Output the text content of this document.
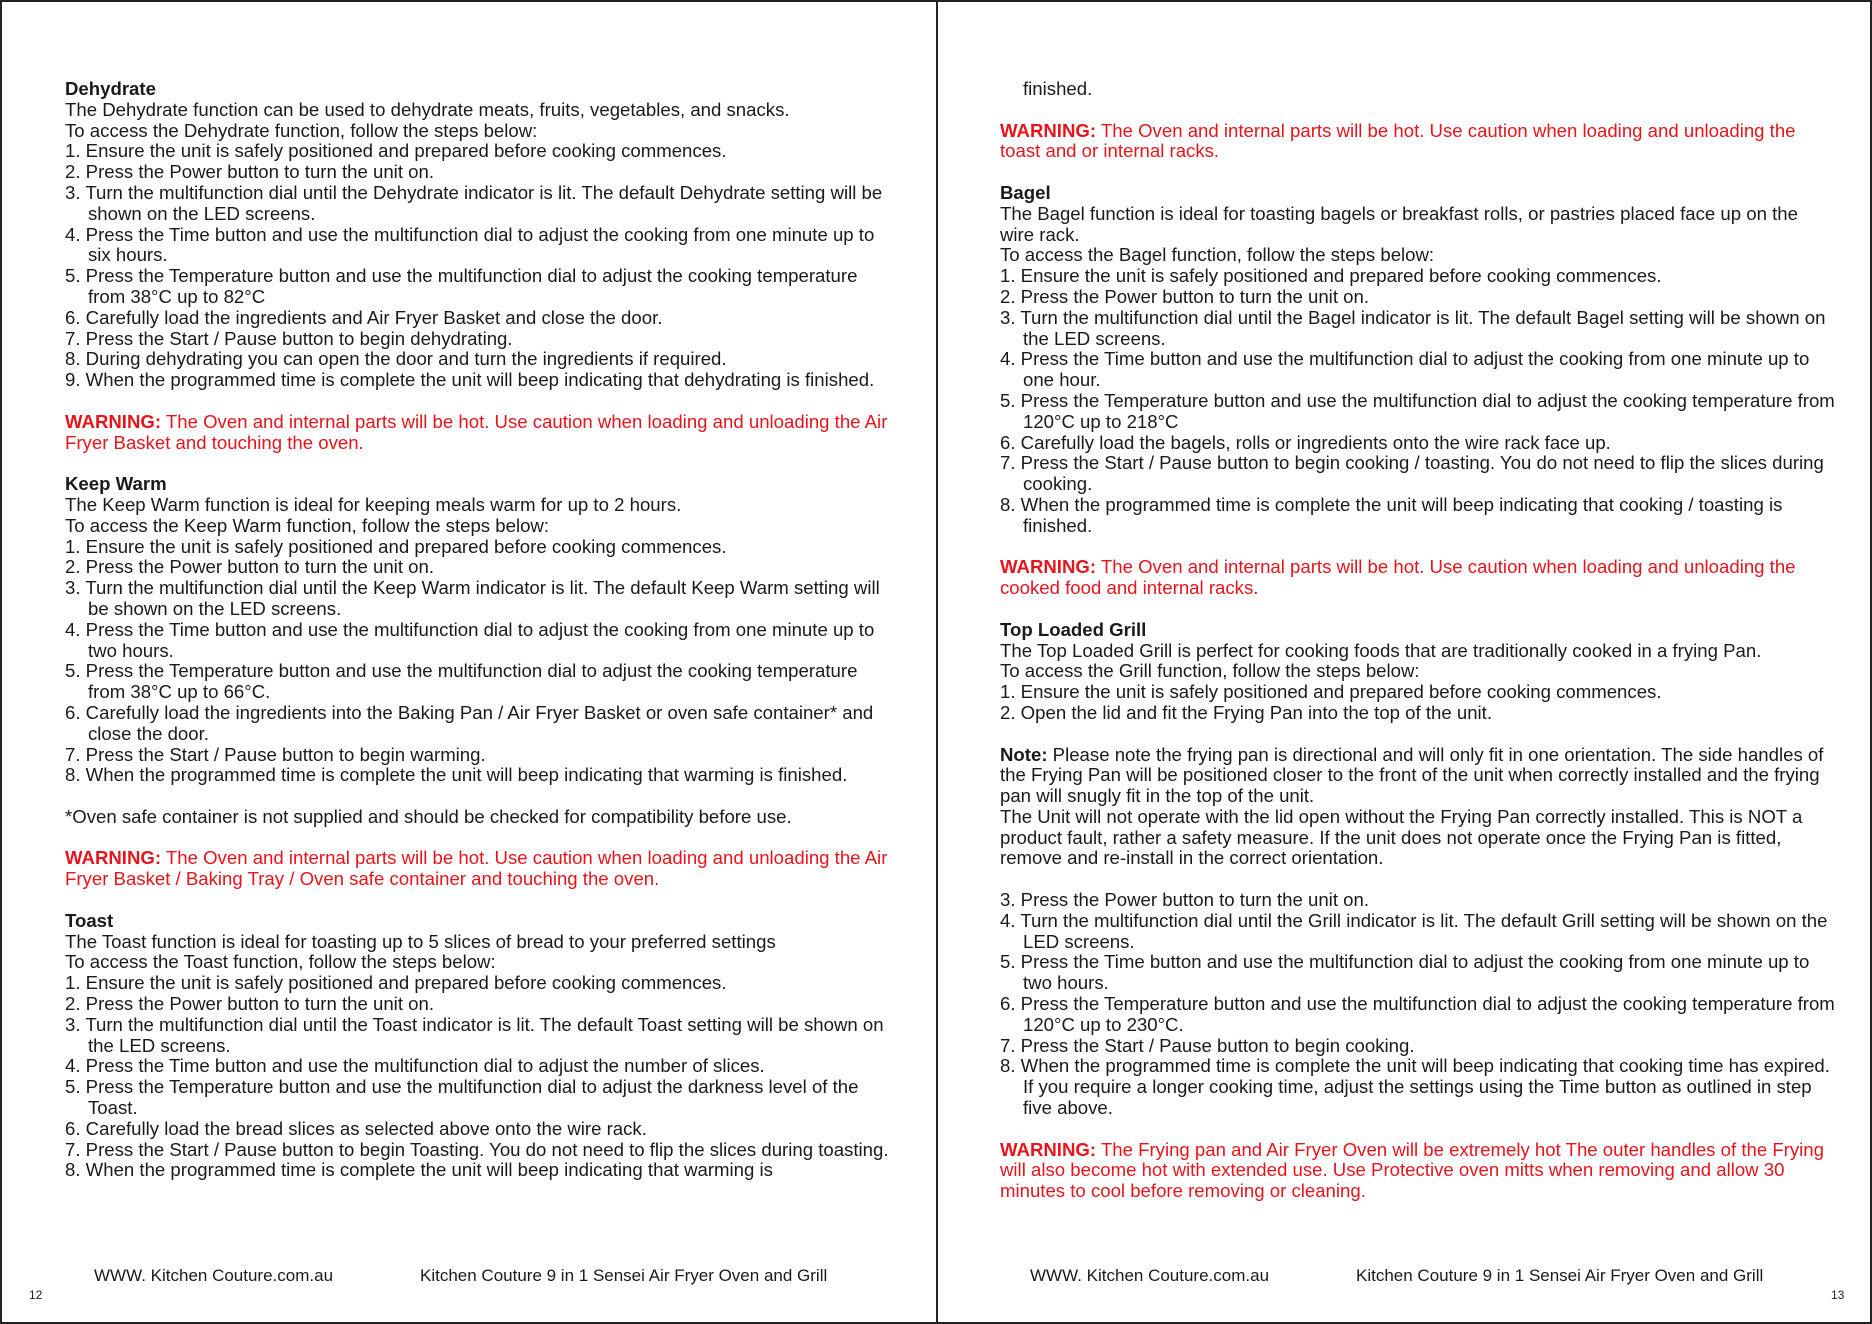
Dehydrate

The Dehydrate function can be used to dehydrate meats, fruits, vegetables, and snacks.

To access the Dehydrate function, follow the steps below:

1. Ensure the unit is safely positioned and prepared before cooking commences.

2. Press the Power button to turn the unit on.

3. Turn the multifunction dial until the Dehydrate indicator is lit. The default Dehydrate setting will be shown on the LED screens.

4. Press the Time button and use the multifunction dial to adjust the cooking from one minute up to six hours.

5. Press the Temperature button and use the multifunction dial to adjust the cooking temperature from 38°C up to 82°C

6. Carefully load the ingredients and Air Fryer Basket and close the door.

7. Press the Start / Pause button to begin dehydrating.

8. During dehydrating you can open the door and turn the ingredients if required.

9. When the programmed time is complete the unit will beep indicating that dehydrating is finished.

WARNING: The Oven and internal parts will be hot. Use caution when loading and unloading the Air Fryer Basket and touching the oven.

Keep Warm

The Keep Warm function is ideal for keeping meals warm for up to 2 hours.

To access the Keep Warm function, follow the steps below:

1. Ensure the unit is safely positioned and prepared before cooking commences.

2. Press the Power button to turn the unit on.

3. Turn the multifunction dial until the Keep Warm indicator is lit. The default Keep Warm setting will be shown on the LED screens.

4. Press the Time button and use the multifunction dial to adjust the cooking from one minute up to two hours.

5. Press the Temperature button and use the multifunction dial to adjust the cooking temperature from 38°C up to 66°C.

6. Carefully load the ingredients into the Baking Pan / Air Fryer Basket or oven safe container* and close the door.

7. Press the Start / Pause button to begin warming.

8. When the programmed time is complete the unit will beep indicating that warming is finished.

*Oven safe container is not supplied and should be checked for compatibility before use.

WARNING: The Oven and internal parts will be hot. Use caution when loading and unloading the Air Fryer Basket / Baking Tray / Oven safe container and touching the oven.

Toast

The Toast function is ideal for toasting up to 5 slices of bread to your preferred settings

To access the Toast function, follow the steps below:

1. Ensure the unit is safely positioned and prepared before cooking commences.

2. Press the Power button to turn the unit on.

3. Turn the multifunction dial until the Toast indicator is lit. The default Toast setting will be shown on the LED screens.

4. Press the Time button and use the multifunction dial to adjust the number of slices.

5. Press the Temperature button and use the multifunction dial to adjust the darkness level of the Toast.

6. Carefully load the bread slices as selected above onto the wire rack.

7. Press the Start / Pause button to begin Toasting. You do not need to flip the slices during toasting.

8. When the programmed time is complete the unit will beep indicating that warming is

WWW. Kitchen Couture.com.au	Kitchen Couture 9 in 1 Sensei Air Fryer Oven and Grill
12

finished.

WARNING: The Oven and internal parts will be hot. Use caution when loading and unloading the toast and or internal racks.

Bagel

The Bagel function is ideal for toasting bagels or breakfast rolls, or pastries placed face up on the wire rack.

To access the Bagel function, follow the steps below:

1. Ensure the unit is safely positioned and prepared before cooking commences.

2. Press the Power button to turn the unit on.

3. Turn the multifunction dial until the Bagel indicator is lit. The default Bagel setting will be shown on the LED screens.

4. Press the Time button and use the multifunction dial to adjust the cooking from one minute up to one hour.

5. Press the Temperature button and use the multifunction dial to adjust the cooking temperature from 120°C up to 218°C

6. Carefully load the bagels, rolls or ingredients onto the wire rack face up.

7. Press the Start / Pause button to begin cooking / toasting. You do not need to flip the slices during cooking.

8. When the programmed time is complete the unit will beep indicating that cooking / toasting is finished.

WARNING: The Oven and internal parts will be hot. Use caution when loading and unloading the cooked food and internal racks.

Top Loaded Grill

The Top Loaded Grill is perfect for cooking foods that are traditionally cooked in a frying Pan.

To access the Grill function, follow the steps below:

1. Ensure the unit is safely positioned and prepared before cooking commences.

2. Open the lid and fit the Frying Pan into the top of the unit.

Note: Please note the frying pan is directional and will only fit in one orientation. The side handles of the Frying Pan will be positioned closer to the front of the unit when correctly installed and the frying pan will snugly fit in the top of the unit.

The Unit will not operate with the lid open without the Frying Pan correctly installed. This is NOT a product fault, rather a safety measure. If the unit does not operate once the Frying Pan is fitted, remove and re-install in the correct orientation.

3. Press the Power button to turn the unit on.

4. Turn the multifunction dial until the Grill indicator is lit. The default Grill setting will be shown on the LED screens.

5. Press the Time button and use the multifunction dial to adjust the cooking from one minute up to two hours.

6. Press the Temperature button and use the multifunction dial to adjust the cooking temperature from 120°C up to 230°C.

7. Press the Start / Pause button to begin cooking.

8. When the programmed time is complete the unit will beep indicating that cooking time has expired. If you require a longer cooking time, adjust the settings using the Time button as outlined in step five above.

WARNING: The Frying pan and Air Fryer Oven will be extremely hot The outer handles of the Frying will also become hot with extended use. Use Protective oven mitts when removing and allow 30 minutes to cool before removing or cleaning.

WWW. Kitchen Couture.com.au	Kitchen Couture 9 in 1 Sensei Air Fryer Oven and Grill
13
